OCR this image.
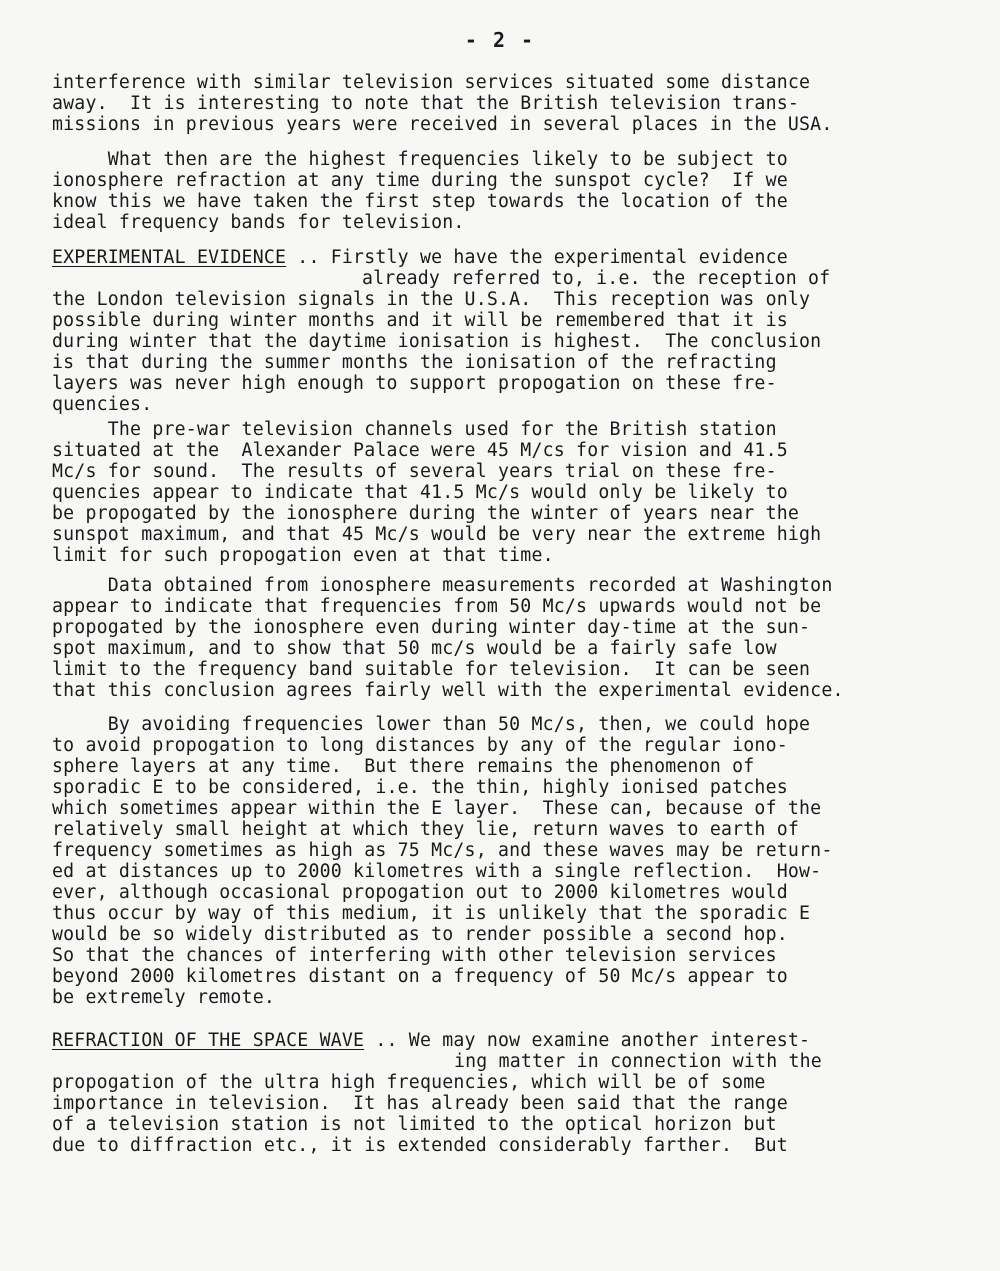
- 2 -
interference with similar television services situated some distance
away.  It is interesting to note that the British television trans-
missions in previous years were received in several places in the USA.
What then are the highest frequencies likely to be subject to
ionosphere refraction at any time during the sunspot cycle?  If we
know this we have taken the first step towards the location of the
ideal frequency bands for television.
EXPERIMENTAL EVIDENCE .. Firstly we have the experimental evidence
already referred to, i.e. the reception of
the London television signals in the U.S.A.  This reception was only
possible during winter months and it will be remembered that it is
during winter that the daytime ionisation is highest.  The conclusion
is that during the summer months the ionisation of the refracting
layers was never high enough to support propogation on these fre-
quencies.
The pre-war television channels used for the British station
situated at the  Alexander Palace were 45 M/cs for vision and 41.5
Mc/s for sound.  The results of several years trial on these fre-
quencies appear to indicate that 41.5 Mc/s would only be likely to
be propogated by the ionosphere during the winter of years near the
sunspot maximum, and that 45 Mc/s would be very near the extreme high
limit for such propogation even at that time.
Data obtained from ionosphere measurements recorded at Washington
appear to indicate that frequencies from 50 Mc/s upwards would not be
propogated by the ionosphere even during winter day-time at the sun-
spot maximum, and to show that 50 mc/s would be a fairly safe low
limit to the frequency band suitable for television.  It can be seen
that this conclusion agrees fairly well with the experimental evidence.
By avoiding frequencies lower than 50 Mc/s, then, we could hope
to avoid propogation to long distances by any of the regular iono-
sphere layers at any time.  But there remains the phenomenon of
sporadic E to be considered, i.e. the thin, highly ionised patches
which sometimes appear within the E layer.  These can, because of the
relatively small height at which they lie, return waves to earth of
frequency sometimes as high as 75 Mc/s, and these waves may be return-
ed at distances up to 2000 kilometres with a single reflection.  How-
ever, although occasional propogation out to 2000 kilometres would
thus occur by way of this medium, it is unlikely that the sporadic E
would be so widely distributed as to render possible a second hop.
So that the chances of interfering with other television services
beyond 2000 kilometres distant on a frequency of 50 Mc/s appear to
be extremely remote.
REFRACTION OF THE SPACE WAVE .. We may now examine another interest-
ing matter in connection with the
propogation of the ultra high frequencies, which will be of some
importance in television.  It has already been said that the range
of a television station is not limited to the optical horizon but
due to diffraction etc., it is extended considerably farther.  But
